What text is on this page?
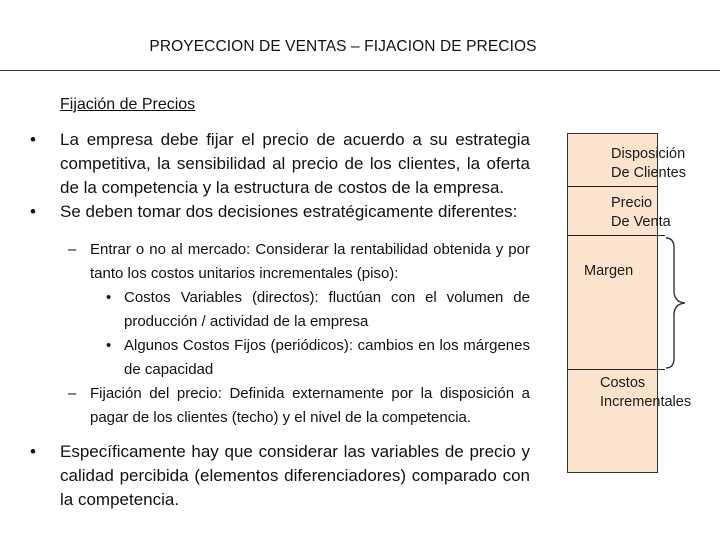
PROYECCION DE VENTAS – FIJACION DE PRECIOS
Fijación de Precios
• La empresa debe fijar el precio de acuerdo a su estrategia competitiva, la sensibilidad al precio de los clientes, la oferta de la competencia y la estructura de costos de la empresa.
• Se deben tomar dos decisiones estratégicamente diferentes:
– Entrar o no al mercado: Considerar la rentabilidad obtenida y por tanto los costos unitarios incrementales (piso):
• Costos Variables (directos): fluctúan con el volumen de producción / actividad de la empresa
• Algunos Costos Fijos (periódicos): cambios en los márgenes de capacidad
– Fijación del precio: Definida externamente por la disposición a pagar de los clientes (techo) y el nivel de la competencia.
• Específicamente hay que considerar las variables de precio y calidad percibida (elementos diferenciadores) comparado con la competencia.
Disposición
De Clientes
Precio
De Venta
Margen
Costos
Incrementales
